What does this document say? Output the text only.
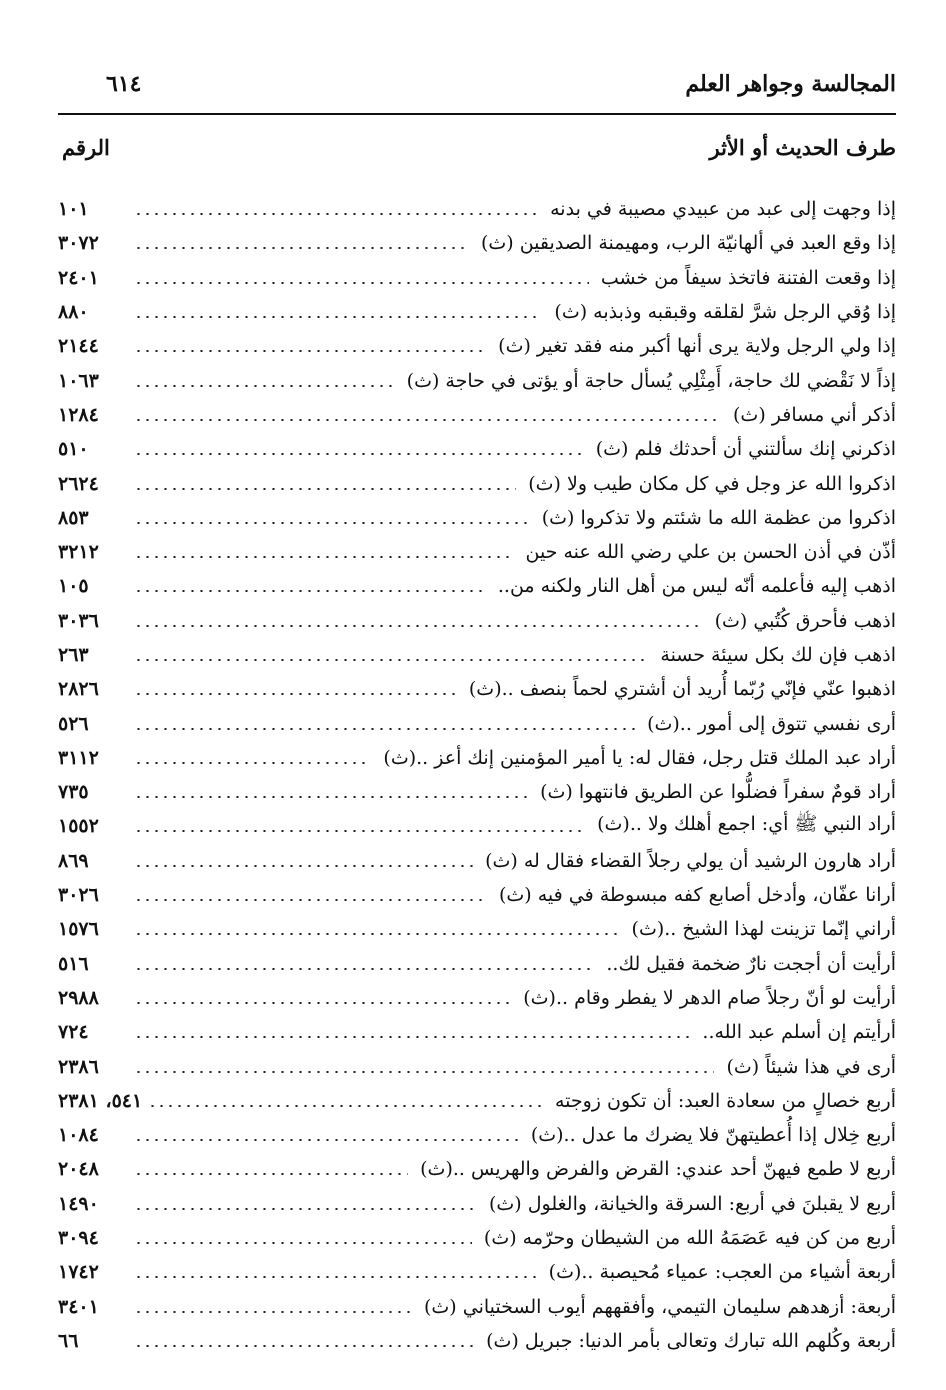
المجالسة وجواهر العلم
٦١٤
طرف الحديث أو الأثر
الرقم
إذا وجهت إلى عبد من عبيدي مصيبة في بدنه
١٠١
إذا وقع العبد في ألهانيّة الرب، ومهيمنة الصديقين (ث)
٣٠٧٢
إذا وقعت الفتنة فاتخذ سيفاً من خشب
٢٤٠١
إذا وُقي الرجل شرَّ لقلقه وقبقبه وذبذبه (ث)
٨٨٠
إذا ولي الرجل ولاية يرى أنها أكبر منه فقد تغير (ث)
٢١٤٤
إذاً لا نَقْضي لك حاجة، أَمِثْلِي يُسأل حاجة أو يؤتى في حاجة (ث)
١٠٦٣
أذكر أني مسافر (ث)
١٢٨٤
اذكرني إنك سألتني أن أحدثك فلم (ث)
٥١٠
اذكروا الله عز وجل في كل مكان طيب ولا (ث)
٢٦٢٤
اذكروا من عظمة الله ما شئتم ولا تذكروا (ث)
٨٥٣
أذّن في أذن الحسن بن علي رضي الله عنه حين
٣٢١٢
اذهب إليه فأعلمه أنّه ليس من أهل النار ولكنه من..
١٠٥
اذهب فأحرق كُتُبي (ث)
٣٠٣٦
اذهب فإن لك بكل سيئة حسنة
٢٦٣
اذهبوا عنّي فإنّي رُبّما أُريد أن أشتري لحماً بنصف ..(ث)
٢٨٢٦
أرى نفسي تتوق إلى أمور ..(ث)
٥٢٦
أراد عبد الملك قتل رجل، فقال له: يا أمير المؤمنين إنك أعز ..(ث)
٣١١٢
أراد قومٌ سفراً فضلُّوا عن الطريق فانتهوا (ث)
٧٣٥
أراد النبي ﷺ أي: اجمع أهلك ولا ..(ث)
١٥٥٢
أراد هارون الرشيد أن يولي رجلاً القضاء فقال له (ث)
٨٦٩
أرانا عفّان، وأدخل أصابع كفه مبسوطة في فيه (ث)
٣٠٢٦
أراني إنّما تزينت لهذا الشيخ ..(ث)
١٥٧٦
أرأيت أن أججت نارٌ ضخمة فقيل لك..
٥١٦
أرأيت لو أنّ رجلاً صام الدهر لا يفطر وقام ..(ث)
٢٩٨٨
أرأيتم إن أسلم عبد الله..
٧٢٤
أرى في هذا شيئاً (ث)
٢٣٨٦
أربع خصالٍ من سعادة العبد: أن تكون زوجته
٥٤١، ٢٣٨١
أربع خِلال إذا أُعطيتهنّ فلا يضرك ما عدل ..(ث)
١٠٨٤
أربع لا طمع فيهنّ أحد عندي: القرض والفرض والهريس ..(ث)
٢٠٤٨
أربع لا يقبلنَ في أربع: السرقة والخيانة، والغلول (ث)
١٤٩٠
أربع من كن فيه عَصَمَهُ الله من الشيطان وحرّمه (ث)
٣٠٩٤
أربعة أشياء من العجب: عمياء مُحيصبة ..(ث)
١٧٤٢
أربعة: أزهدهم سليمان التيمي، وأفقههم أيوب السختياني (ث)
٣٤٠١
أربعة وكُلهم الله تبارك وتعالى بأمر الدنيا: جبريل (ث)
٦٦
